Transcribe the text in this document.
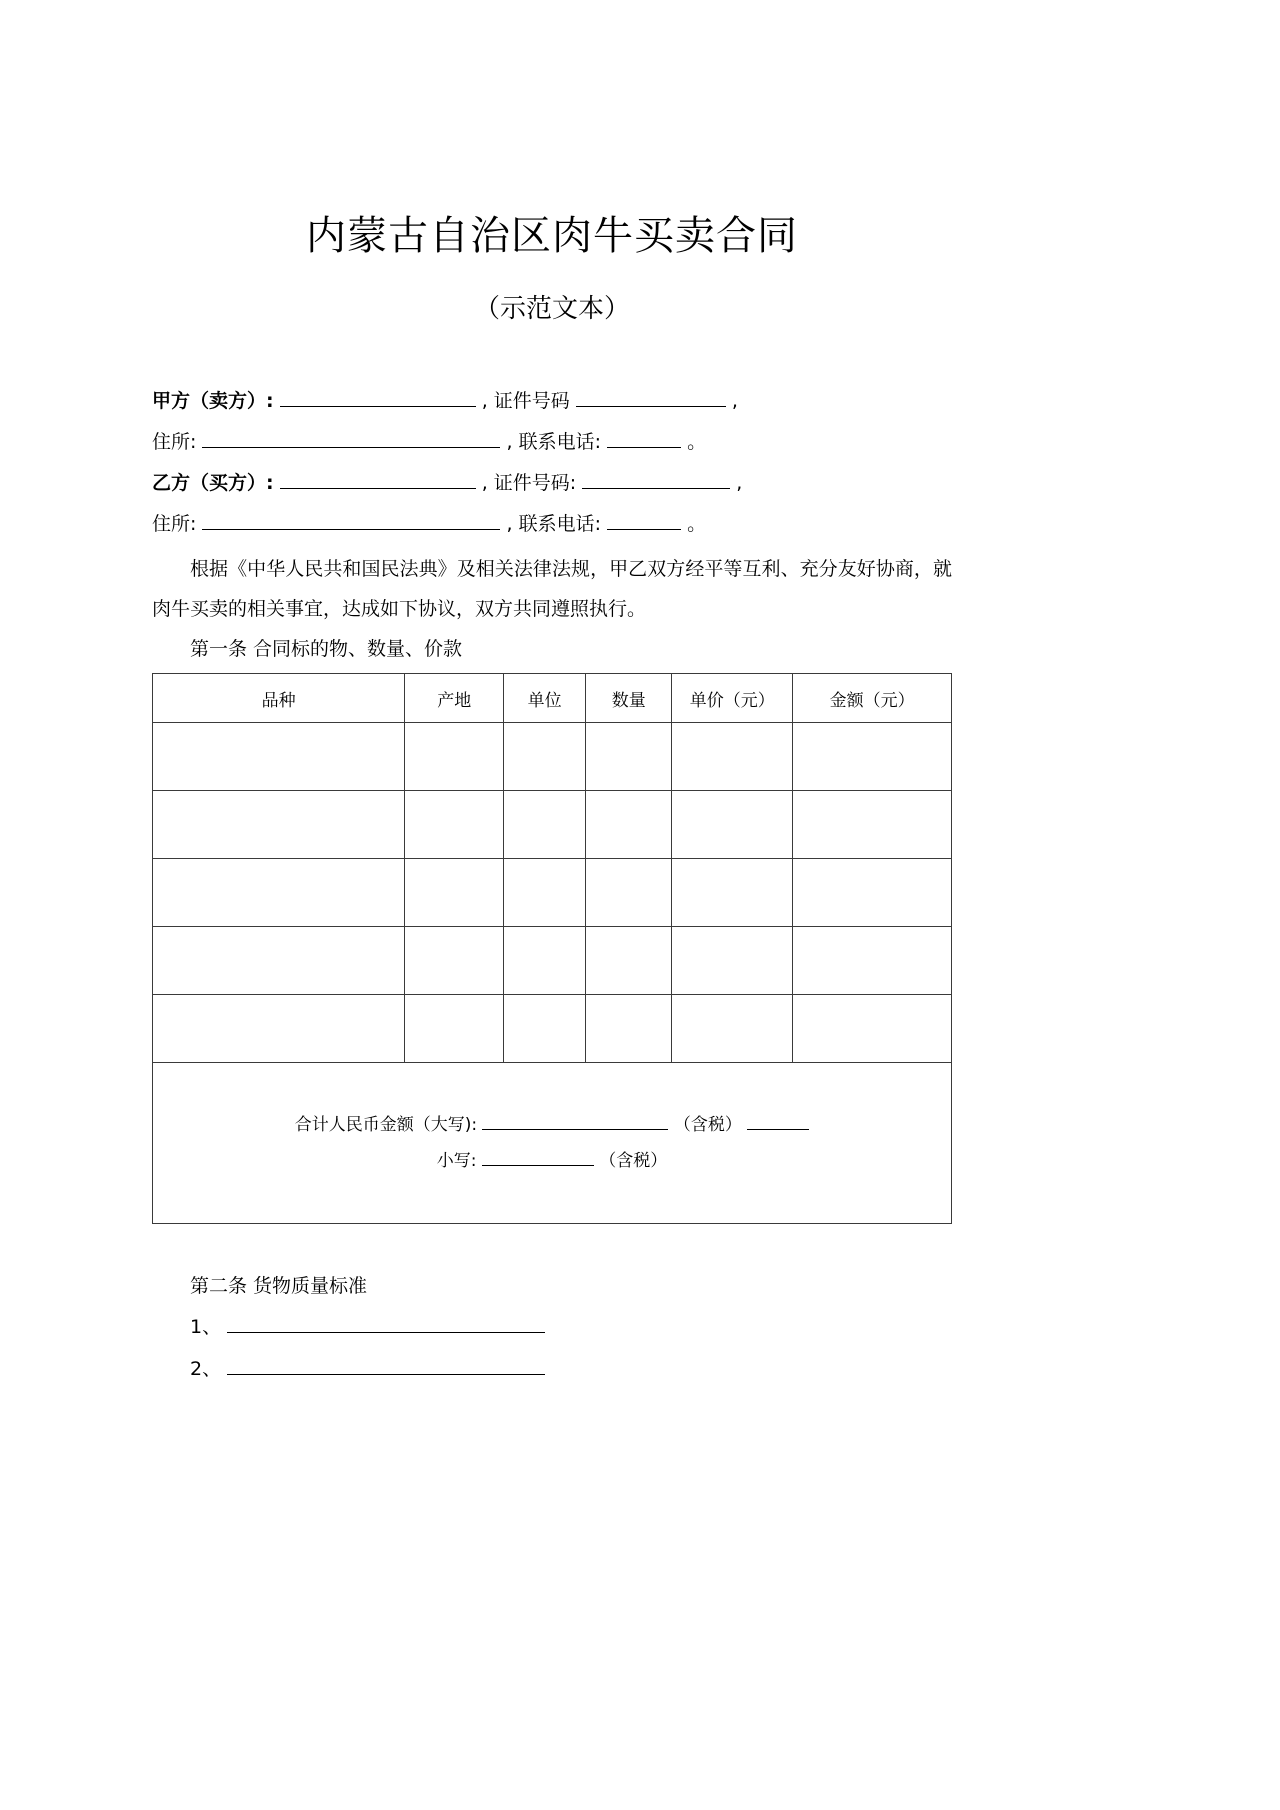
内蒙古自治区肉牛买卖合同
（示范文本）
甲方（卖方）:	, 证件号码	,
住所:	, 联系电话:	。
乙方（买方）:	, 证件号码:	,
住所:	, 联系电话:	。

根据《中华人民共和国民法典》及相关法律法规，甲乙双方经平等互利、充分友好协商，就肉牛买卖的相关事宜，达成如下协议，双方共同遵照执行。

第一条 合同标的物、数量、价款

品种	产地	单位	数量	单价（元）	金额（元）

合计人民币金额（大写): （含税）
小写: （含税）					

第二条 货物质量标准

1、
2、
